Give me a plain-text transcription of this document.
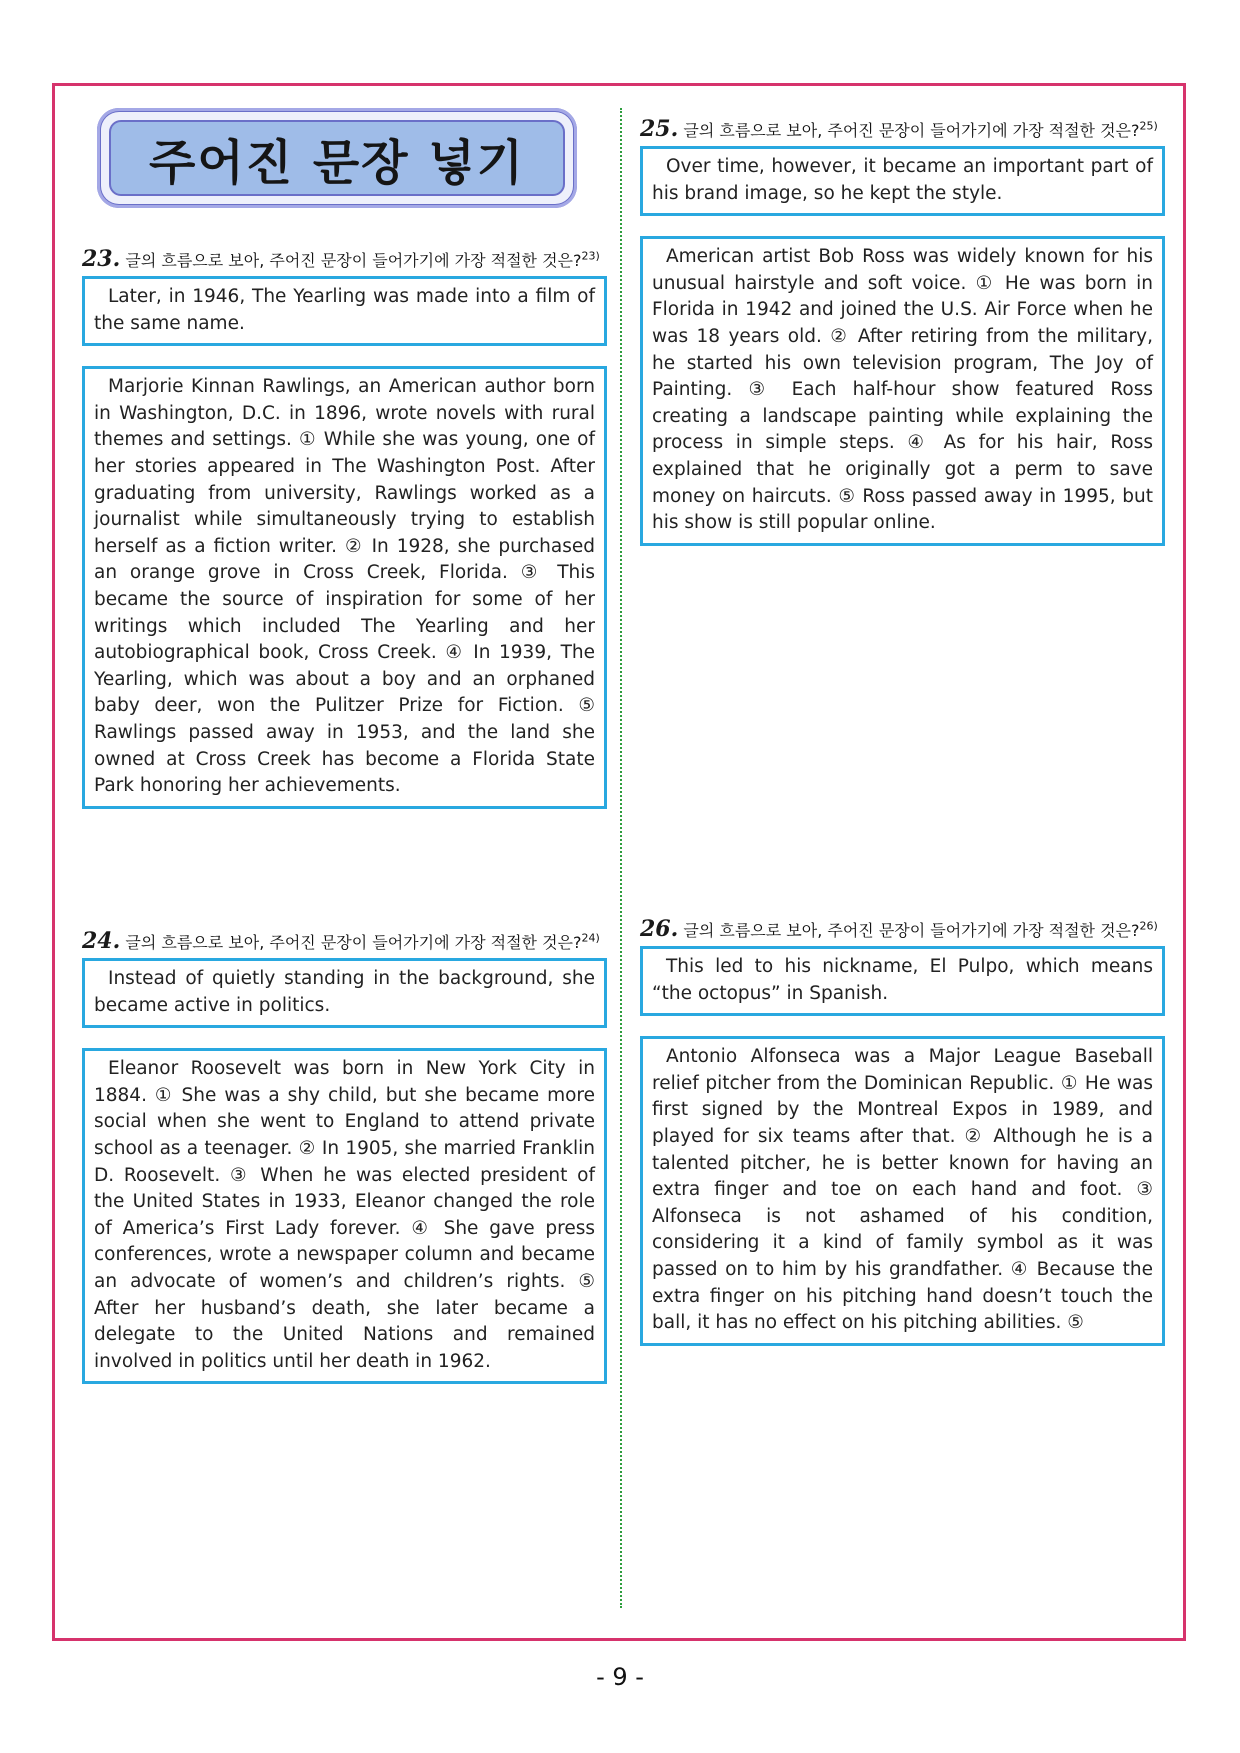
주어진 문장 넣기
23. 글의 흐름으로 보아, 주어진 문장이 들어가기에 가장 적절한 것은?$^{23)}$
Later, in 1946, The Yearling was made into a film of the same name.
Marjorie Kinnan Rawlings, an American author born in Washington, D.C. in 1896, wrote novels with rural themes and settings. ① While she was young, one of her stories appeared in The Washington Post. After graduating from university, Rawlings worked as a journalist while simultaneously trying to establish herself as a fiction writer. ② In 1928, she purchased an orange grove in Cross Creek, Florida. ③ This became the source of inspiration for some of her writings which included The Yearling and her autobiographical book, Cross Creek. ④ In 1939, The Yearling, which was about a boy and an orphaned baby deer, won the Pulitzer Prize for Fiction. ⑤ Rawlings passed away in 1953, and the land she owned at Cross Creek has become a Florida State Park honoring her achievements.
24. 글의 흐름으로 보아, 주어진 문장이 들어가기에 가장 적절한 것은?$^{24)}$
Instead of quietly standing in the background, she became active in politics.
Eleanor Roosevelt was born in New York City in 1884. ① She was a shy child, but she became more social when she went to England to attend private school as a teenager. ② In 1905, she married Franklin D. Roosevelt. ③ When he was elected president of the United States in 1933, Eleanor changed the role of America’s First Lady forever. ④ She gave press conferences, wrote a newspaper column and became an advocate of women’s and children’s rights. ⑤ After her husband’s death, she later became a delegate to the United Nations and remained involved in politics until her death in 1962.
25. 글의 흐름으로 보아, 주어진 문장이 들어가기에 가장 적절한 것은?$^{25)}$
Over time, however, it became an important part of his brand image, so he kept the style.
American artist Bob Ross was widely known for his unusual hairstyle and soft voice. ① He was born in Florida in 1942 and joined the U.S. Air Force when he was 18 years old. ② After retiring from the military, he started his own television program, The Joy of Painting. ③ Each half-hour show featured Ross creating a landscape painting while explaining the process in simple steps. ④ As for his hair, Ross explained that he originally got a perm to save money on haircuts. ⑤ Ross passed away in 1995, but his show is still popular online.
26. 글의 흐름으로 보아, 주어진 문장이 들어가기에 가장 적절한 것은?$^{26)}$
This led to his nickname, El Pulpo, which means “the octopus” in Spanish.
Antonio Alfonseca was a Major League Baseball relief pitcher from the Dominican Republic. ① He was first signed by the Montreal Expos in 1989, and played for six teams after that. ② Although he is a talented pitcher, he is better known for having an extra finger and toe on each hand and foot. ③ Alfonseca is not ashamed of his condition, considering it a kind of family symbol as it was passed on to him by his grandfather. ④ Because the extra finger on his pitching hand doesn’t touch the ball, it has no effect on his pitching abilities. ⑤
- 9 -
